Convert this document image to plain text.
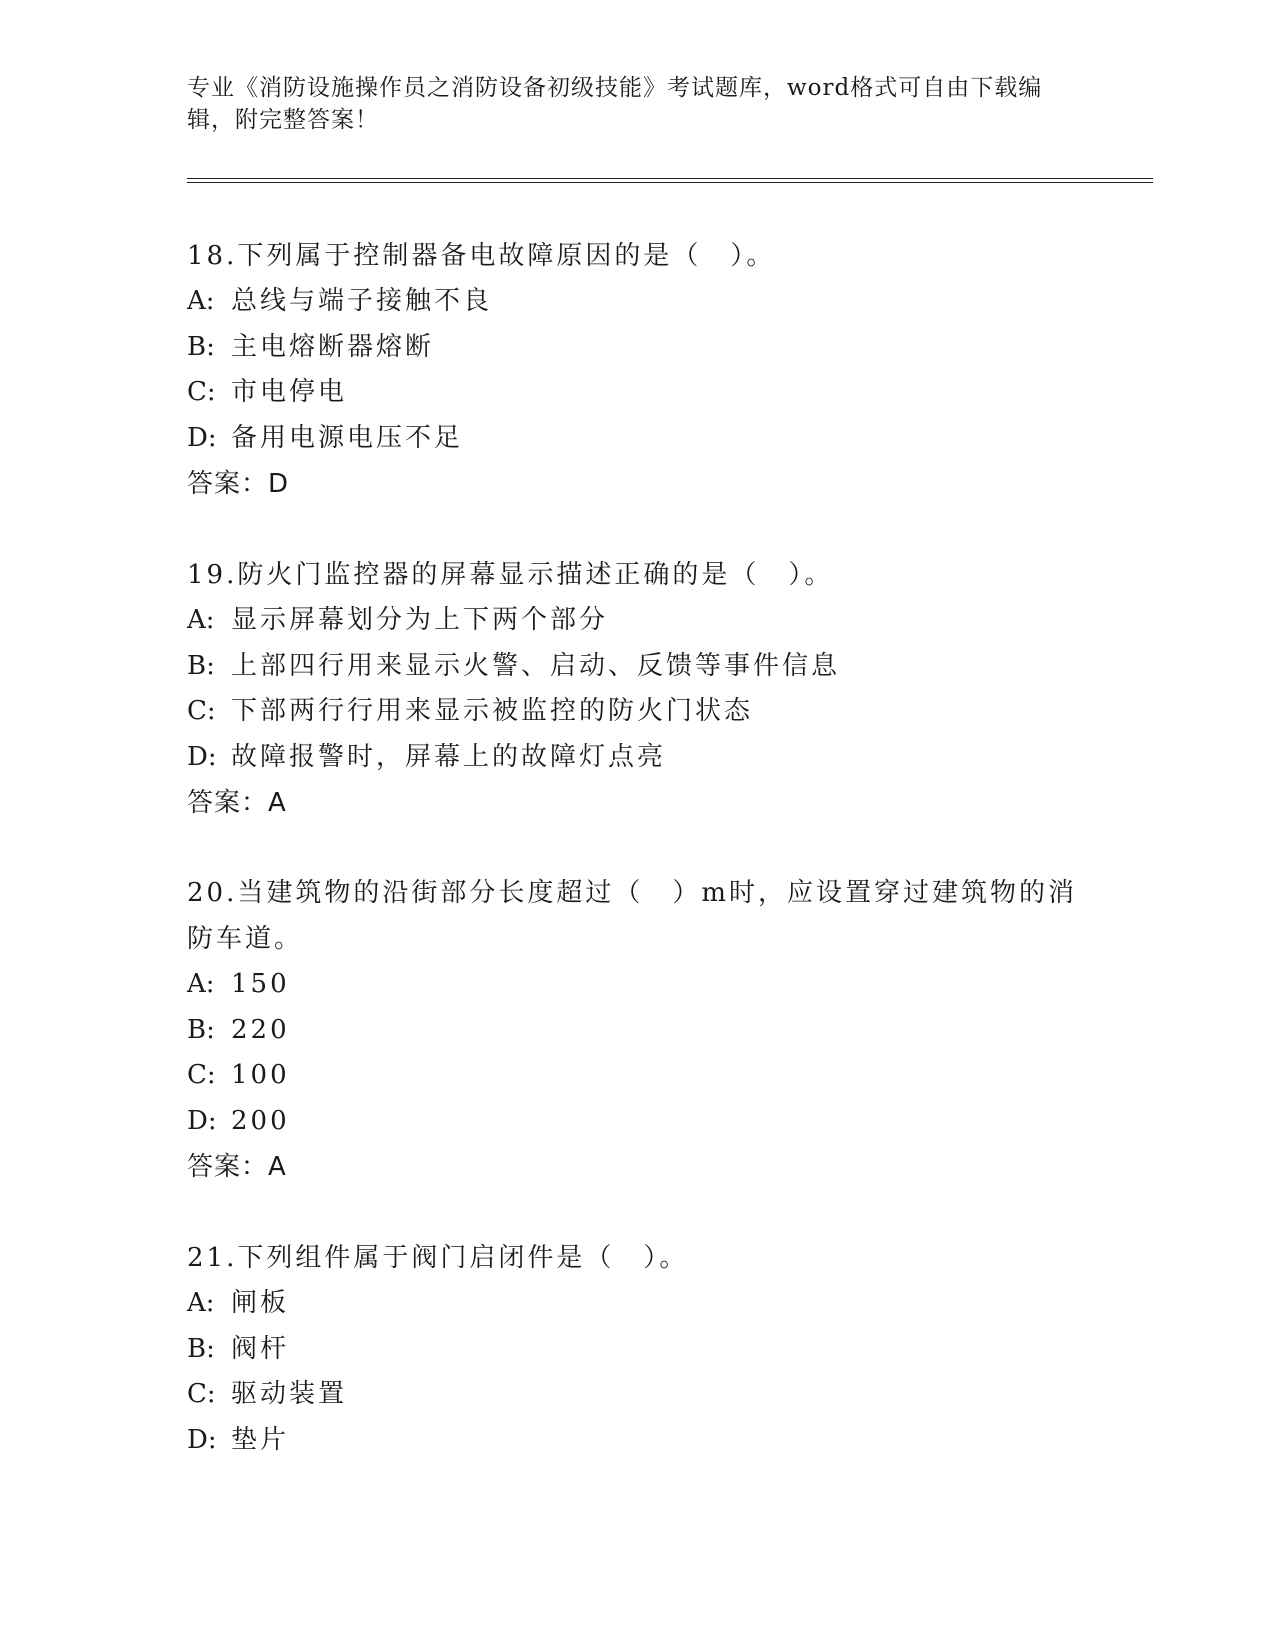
专业《消防设施操作员之消防设备初级技能》考试题库，word格式可自由下载编辑，附完整答案！

18.下列属于控制器备电故障原因的是（　）。

A: 总线与端子接触不良

B: 主电熔断器熔断

C: 市电停电

D: 备用电源电压不足

答案：D

19.防火门监控器的屏幕显示描述正确的是（　）。

A: 显示屏幕划分为上下两个部分

B: 上部四行用来显示火警、启动、反馈等事件信息

C: 下部两行行用来显示被监控的防火门状态

D: 故障报警时，屏幕上的故障灯点亮

答案：A

20.当建筑物的沿街部分长度超过（　）m时，应设置穿过建筑物的消防车道。

A: 150

B: 220

C: 100

D: 200

答案：A

21.下列组件属于阀门启闭件是（　）。

A: 闸板

B: 阀杆

C: 驱动装置

D: 垫片
